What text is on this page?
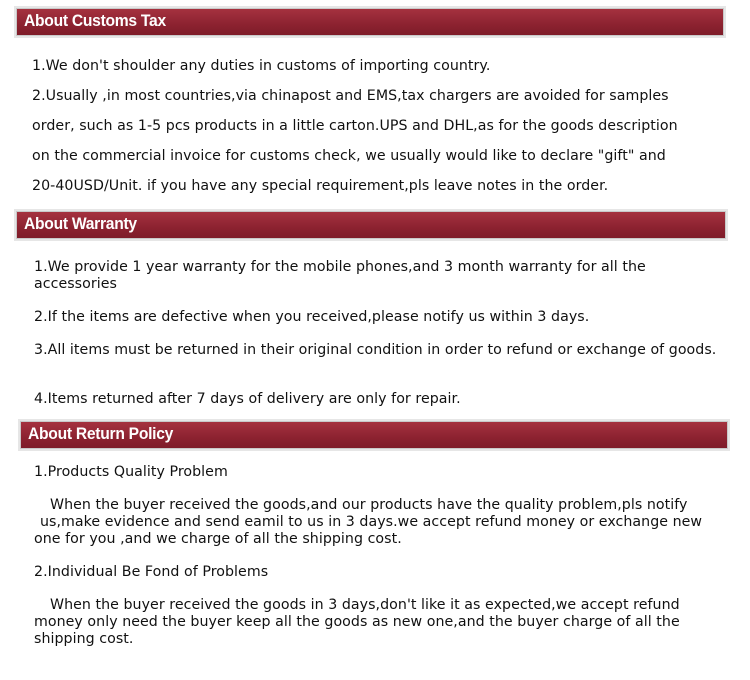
About Customs Tax
1.We don't shoulder any duties in customs of importing country.
2.Usually ,in most countries,via chinapost and EMS,tax chargers are avoided for samples
order, such as 1-5 pcs products in a little carton.UPS and DHL,as for the goods description
on the commercial invoice for customs check, we usually would like to declare "gift" and
20-40USD/Unit. if you have any special requirement,pls leave notes in the order.
About Warranty
1.We provide 1 year warranty for the mobile phones,and 3 month warranty for all the accessories
2.If the items are defective when you received,please notify us within 3 days.
3.All items must be returned in their original condition in order to refund or exchange of goods.
4.Items returned after 7 days of delivery are only for repair.
About Return Policy
1.Products Quality Problem
When the buyer received the goods,and our products have the quality problem,pls notify
us,make evidence and send eamil to us in 3 days.we accept refund money or exchange new
one for you ,and we charge of all the shipping cost.
2.Individual Be Fond of Problems
When the buyer received the goods in 3 days,don't like it as expected,we accept refund
money only need the buyer keep all the goods as new one,and the buyer charge of all the
shipping cost.
